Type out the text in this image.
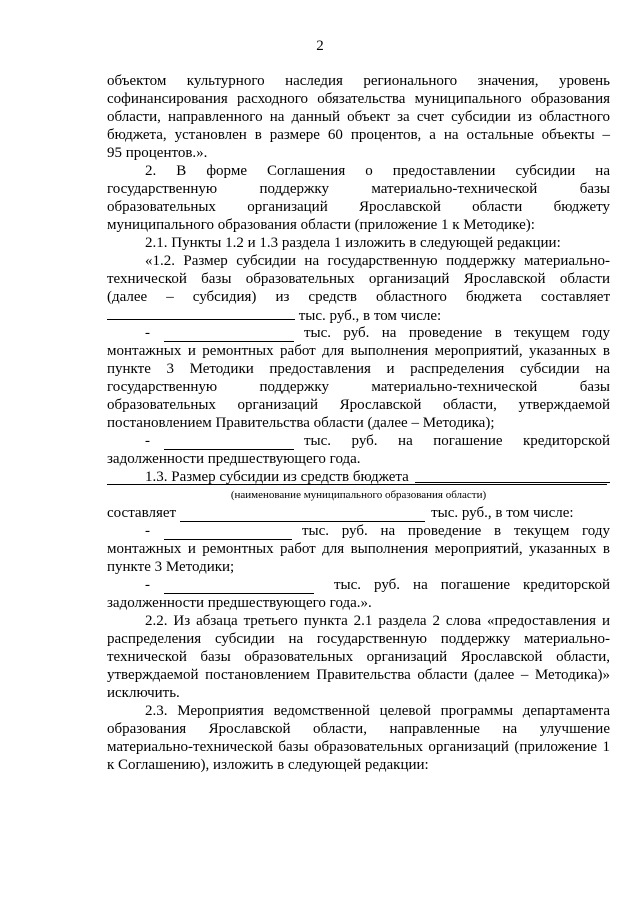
2
объектом культурного наследия регионального значения, уровень
софинансирования расходного обязательства муниципального образования
области, направленного на данный объект за счет субсидии из областного
бюджета, установлен в размере 60 процентов, а на остальные объекты –
95 процентов.».
2. В форме Соглашения о предоставлении субсидии на
государственную поддержку материально-технической базы
образовательных организаций Ярославской области бюджету
муниципального образования области (приложение 1 к Методике):
2.1. Пункты 1.2 и 1.3 раздела 1 изложить в следующей редакции:
«1.2. Размер субсидии на государственную поддержку материально-
технической базы образовательных организаций Ярославской области
(далее – субсидия) из средств областного бюджета составляет
тыс. руб., в том числе:
-	тыс. руб. на проведение в текущем году
монтажных и ремонтных работ для выполнения мероприятий, указанных в
пункте 3 Методики предоставления и распределения субсидии на
государственную поддержку материально-технической базы
образовательных организаций Ярославской области, утверждаемой
постановлением Правительства области (далее – Методика);
-	тыс. руб. на погашение кредиторской
задолженности предшествующего года.
1.3. Размер субсидии из средств бюджета
(наименование муниципального образования области)
составляет	тыс. руб., в том числе:
-	тыс. руб. на проведение в текущем году
монтажных и ремонтных работ для выполнения мероприятий, указанных в
пункте 3 Методики;
-	тыс. руб. на погашение кредиторской
задолженности предшествующего года.».
2.2. Из абзаца третьего пункта 2.1 раздела 2 слова «предоставления и
распределения субсидии на государственную поддержку материально-
технической базы образовательных организаций Ярославской области,
утверждаемой постановлением Правительства области (далее – Методика)»
исключить.
2.3. Мероприятия ведомственной целевой программы департамента
образования Ярославской области, направленные на улучшение
материально-технической базы образовательных организаций (приложение 1
к Соглашению), изложить в следующей редакции:
